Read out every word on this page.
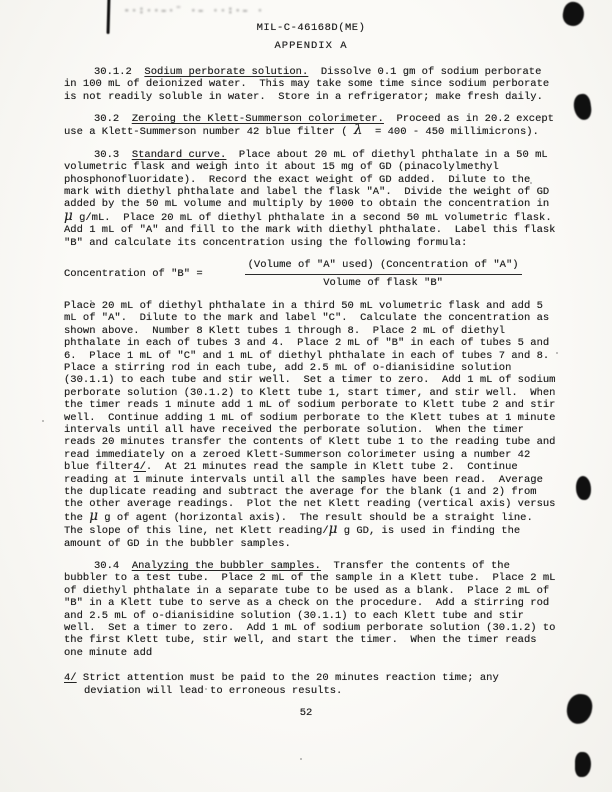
-·:··–·¨ ·– ··:·– ·
MIL-C-46168D(ME)
APPENDIX A

30.1.2  Sodium perborate solution.  Dissolve 0.1 gm of sodium perborate in 100 mL of deionized water.  This may take some time since sodium perborate is not readily soluble in water.  Store in a refrigerator; make fresh daily.

30.2  Zeroing the Klett-Summerson colorimeter.  Proceed as in 20.2 except use a Klett-Summerson number 42 blue filter ( λ  = 400 - 450 millimicrons).

30.3  Standard curve.  Place about 20 mL of diethyl phthalate in a 50 mL volumetric flask and weigh into it about 15 mg of GD (pinacolylmethyl phosphonofluoridate).  Record the exact weight of GD added.  Dilute to the mark with diethyl phthalate and label the flask "A".  Divide the weight of GD added by the 50 mL volume and multiply by 1000 to obtain the concentration in μ g/mL.  Place 20 mL of diethyl phthalate in a second 50 mL volumetric flask.  Add 1 mL of "A" and fill to the mark with diethyl phthalate.  Label this flask "B" and calculate its concentration using the following formula:

Concentration of "B" =	$\frac{\text{(Volume of "A" used) (Concentration of "A")}}{\text{Volume of flask "B"}}$

Place 20 mL of diethyl phthalate in a third 50 mL volumetric flask and add 5 mL of "A".  Dilute to the mark and label "C".  Calculate the concentration as shown above.  Number 8 Klett tubes 1 through 8.  Place 2 mL of diethyl phthalate in each of tubes 3 and 4.  Place 2 mL of "B" in each of tubes 5 and 6.  Place 1 mL of "C" and 1 mL of diethyl phthalate in each of tubes 7 and 8.  Place a stirring rod in each tube, add 2.5 mL of o-dianisidine solution (30.1.1) to each tube and stir well.  Set a timer to zero.  Add 1 mL of sodium perborate solution (30.1.2) to Klett tube 1, start timer, and stir well.  When the timer reads 1 minute add 1 mL of sodium perborate to Klett tube 2 and stir well.  Continue adding 1 mL of sodium perborate to the Klett tubes at 1 minute intervals until all have received the perborate solution.  When the timer reads 20 minutes transfer the contents of Klett tube 1 to the reading tube and read immediately on a zeroed Klett-Summerson colorimeter using a number 42 blue filter4/.  At 21 minutes read the sample in Klett tube 2.  Continue reading at 1 minute intervals until all the samples have been read.  Average the duplicate reading and subtract the average for the blank (1 and 2) from the other average readings.  Plot the net Klett reading (vertical axis) versus the μ g of agent (horizontal axis).  The result should be a straight line.  The slope of this line, net Klett reading/μ g GD, is used in finding the amount of GD in the bubbler samples.

30.4  Analyzing the bubbler samples.  Transfer the contents of the bubbler to a test tube.  Place 2 mL of the sample in a Klett tube.  Place 2 mL of diethyl phthalate in a separate tube to be used as a blank.  Place 2 mL of "B" in a Klett tube to serve as a check on the procedure.  Add a stirring rod and 2.5 mL of o-dianisidine solution (30.1.1) to each Klett tube and stir well.  Set a timer to zero.  Add 1 mL of sodium perborate solution (30.1.2) to the first Klett tube, stir well, and start the timer.  When the timer reads one minute add

4/ Strict attention must be paid to the 20 minutes reaction time; any deviation will lead to erroneous results.
52
